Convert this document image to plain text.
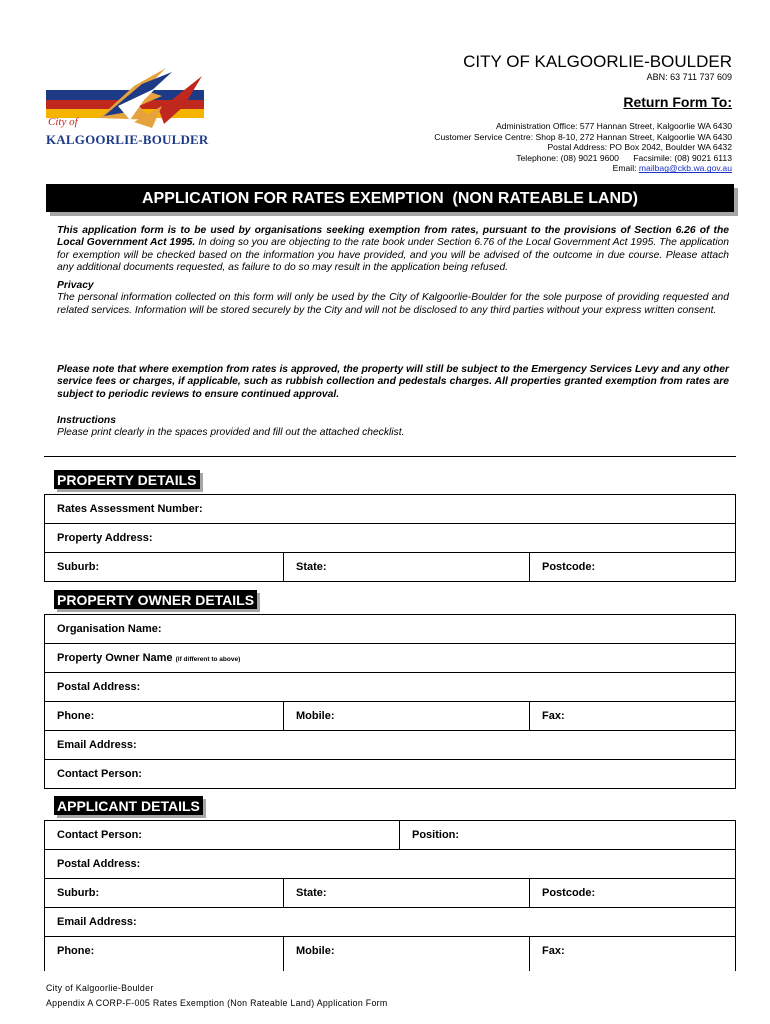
City of
KALGOORLIE-BOULDER
CITY OF KALGOORLIE-BOULDER
ABN: 63 711 737 609
Return Form To:
Administration Office: 577 Hannan Street, Kalgoorlie WA 6430
Customer Service Centre: Shop 8-10, 272 Hannan Street, Kalgoorlie WA 6430
Postal Address: PO Box 2042, Boulder WA 6432
Telephone: (08) 9021 9600      Facsimile: (08) 9021 6113
Email: mailbag@ckb.wa.gov.au
APPLICATION FOR RATES EXEMPTION  (NON RATEABLE LAND)

This application form is to be used by organisations seeking exemption from rates, pursuant to the provisions of Section 6.26 of the Local Government Act 1995. In doing so you are objecting to the rate book under Section 6.76 of the Local Government Act 1995. The application for exemption will be checked based on the information you have provided, and you will be advised of the outcome in due course. Please attach any additional documents requested, as failure to do so may result in the application being refused.

Privacy
The personal information collected on this form will only be used by the City of Kalgoorlie-Boulder for the sole purpose of providing requested and related services. Information will be stored securely by the City and will not be disclosed to any third parties without your express written consent.
Please note that where exemption from rates is approved, the property will still be subject to the Emergency Services Levy and any other service fees or charges, if applicable, such as rubbish collection and pedestals charges. All properties granted exemption from rates are subject to periodic reviews to ensure continued approval.
Instructions
Please print clearly in the spaces provided and fill out the attached checklist.
PROPERTY DETAILS
Rates Assessment Number:
Property Address:
Suburb:	State:	Postcode:
PROPERTY OWNER DETAILS
Organisation Name:
Property Owner Name (if different to above)
Postal Address:
Phone:	Mobile:	Fax:
Email Address:
Contact Person:
APPLICANT DETAILS
Contact Person:	Position:
Postal Address:
Suburb:	State:	Postcode:
Email Address:
Phone:	Mobile:	Fax:
City of Kalgoorlie-Boulder
Appendix A CORP-F-005 Rates Exemption (Non Rateable Land) Application Form
